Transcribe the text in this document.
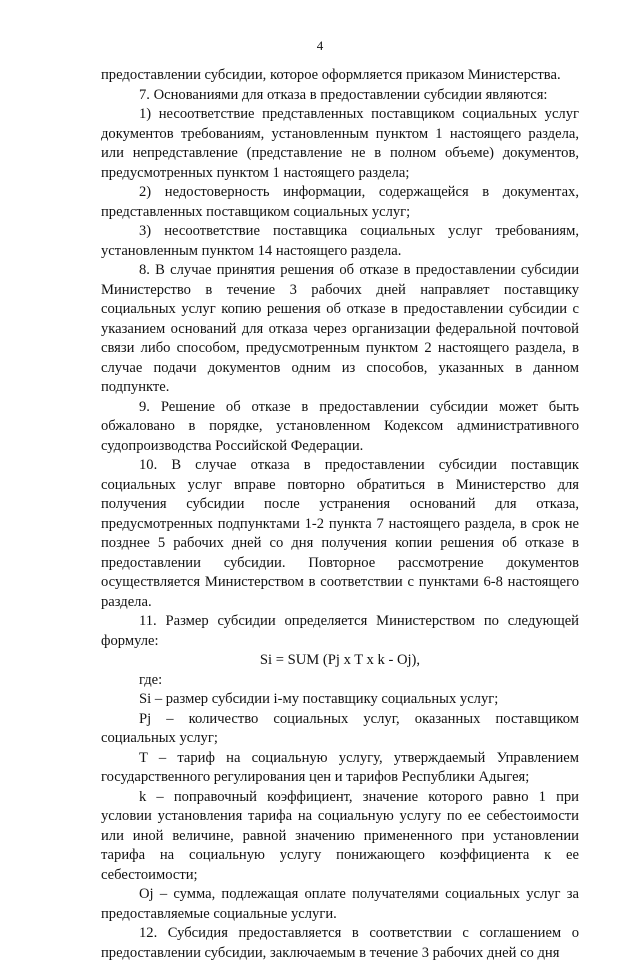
4

предоставлении субсидии, которое оформляется приказом Министерства.

7. Основаниями для отказа в предоставлении субсидии являются:

1) несоответствие представленных поставщиком социальных услуг документов требованиям, установленным пунктом 1 настоящего раздела, или непредставление (представление не в полном объеме) документов, предусмотренных пунктом 1 настоящего раздела;

2) недостоверность информации, содержащейся в документах, представленных поставщиком социальных услуг;

3) несоответствие поставщика социальных услуг требованиям, установленным пунктом 14 настоящего раздела.

8. В случае принятия решения об отказе в предоставлении субсидии Министерство в течение 3 рабочих дней направляет поставщику социальных услуг копию решения об отказе в предоставлении субсидии с указанием оснований для отказа через организации федеральной почтовой связи либо способом, предусмотренным пунктом 2 настоящего раздела, в случае подачи документов одним из способов, указанных в данном подпункте.

9. Решение об отказе в предоставлении субсидии может быть обжаловано в порядке, установленном Кодексом административного судопроизводства Российской Федерации.

10. В случае отказа в предоставлении субсидии поставщик социальных услуг вправе повторно обратиться в Министерство для получения субсидии после устранения оснований для отказа, предусмотренных подпунктами 1-2 пункта 7 настоящего раздела, в срок не позднее 5 рабочих дней со дня получения копии решения об отказе в предоставлении субсидии. Повторное рассмотрение документов осуществляется Министерством в соответствии с пунктами 6-8 настоящего раздела.

11. Размер субсидии определяется Министерством по следующей формуле:

Si = SUM (Pj x T x k - Oj),

где:

Si – размер субсидии i-му поставщику социальных услуг;

Pj – количество социальных услуг, оказанных поставщиком социальных услуг;

T – тариф на социальную услугу, утверждаемый Управлением государственного регулирования цен и тарифов Республики Адыгея;

k – поправочный коэффициент, значение которого равно 1 при условии установления тарифа на социальную услугу по ее себестоимости или иной величине, равной значению примененного при установлении тарифа на социальную услугу понижающего коэффициента к ее себестоимости;

Oj – сумма, подлежащая оплате получателями социальных услуг за предоставляемые социальные услуги.

12. Субсидия предоставляется в соответствии с соглашением о предоставлении субсидии, заключаемым в течение 3 рабочих дней со дня
